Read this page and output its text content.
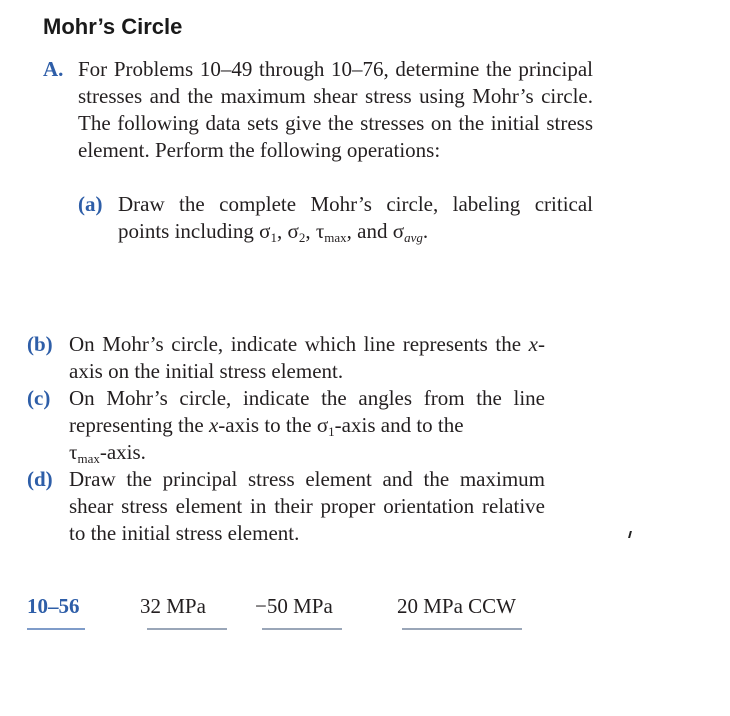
Mohr’s Circle
A. For Problems 10–49 through 10–76, determine the principal stresses and the maximum shear stress using Mohr’s circle. The following data sets give the stresses on the initial stress element. Perform the following operations:
(a) Draw the complete Mohr’s circle, labeling critical points including $\sigma_1$, $\sigma_2$, $\tau_{max}$, and $\sigma_{avg}$.
(b) On Mohr’s circle, indicate which line represents the x-axis on the initial stress element.
(c) On Mohr’s circle, indicate the angles from the line representing the x-axis to the $\sigma_1$-axis and to the
$\tau_{max}$-axis.
(d) Draw the principal stress element and the maximum shear stress element in their proper orientation relative to the initial stress element.
10–56	32 MPa −50 MPa	20 MPa CCW
